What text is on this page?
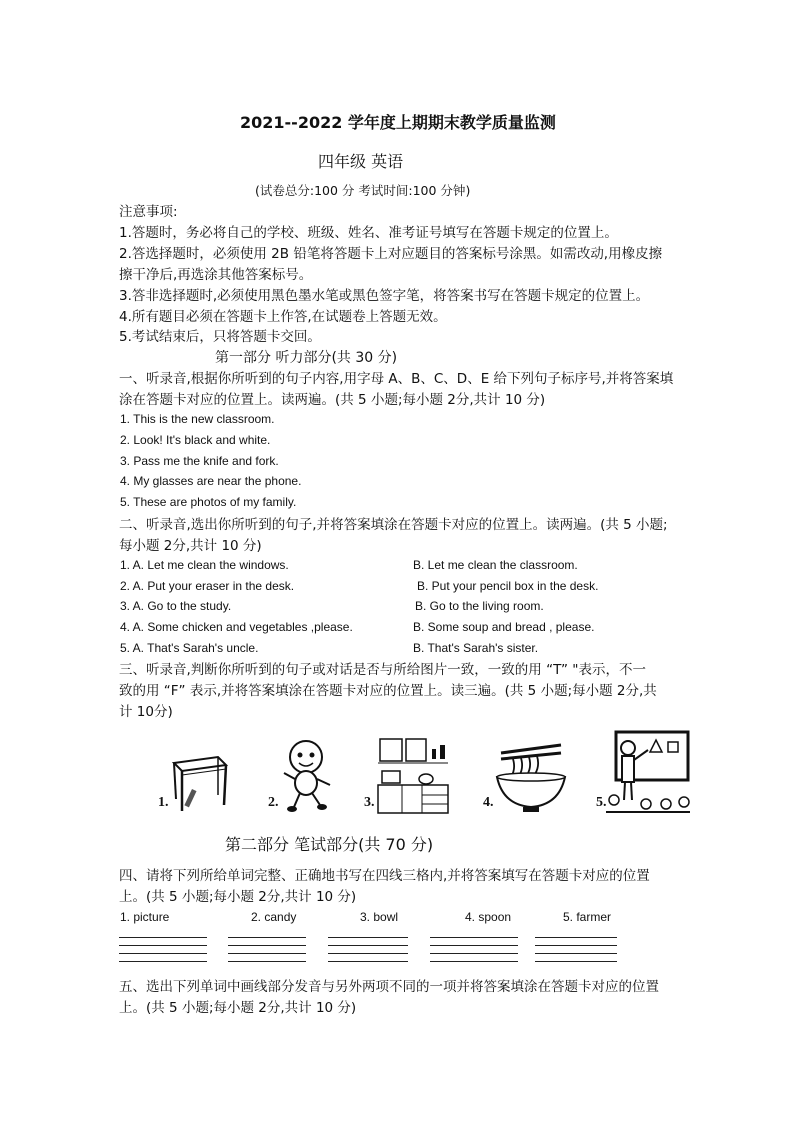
2021--2022 学年度上期期末教学质量监测
四年级 英语
(试卷总分:100 分 考试时间:100 分钟)
注意事项:
1.答题时，务必将自己的学校、班级、姓名、准考证号填写在答题卡规定的位置上。
2.答选择题时，必须使用 2B 铅笔将答题卡上对应题目的答案标号涂黑。如需改动,用橡皮擦
擦干净后,再选涂其他答案标号。
3.答非选择题时,必须使用黑色墨水笔或黑色签字笔，将答案书写在答题卡规定的位置上。
4.所有题目必须在答题卡上作答,在试题卷上答题无效。
5.考试结束后，只将答题卡交回。
第一部分 听力部分(共 30 分)
一、听录音,根据你所听到的句子内容,用字母 A、B、C、D、E 给下列句子标序号,并将答案填
涂在答题卡对应的位置上。读两遍。(共 5 小题;每小题 2分,共计 10 分)
1. This is the new classroom.
2. Look! It's black and white.
3. Pass me the knife and fork.
4. My glasses are near the phone.
5. These are photos of my family.
二、听录音,选出你所听到的句子,并将答案填涂在答题卡对应的位置上。读两遍。(共 5 小题;
每小题 2分,共计 10 分)
1. A. Let me clean the windows.	B. Let me clean the classroom.
2. A. Put your eraser in the desk.	B. Put your pencil box in the desk.
3. A. Go to the study.	B. Go to the living room.
4. A. Some chicken and vegetables ,please.	B. Some soup and bread , please.
5. A. That's Sarah's uncle.	B. That's Sarah's sister.
三、听录音,判断你所听到的句子或对话是否与所给图片一致，一致的用 “T” "表示，不一
致的用 “F” 表示,并将答案填涂在答题卡对应的位置上。读三遍。(共 5 小题;每小题 2分,共
计 10分)
1.	2.	3.	4.	5.
第二部分 笔试部分(共 70 分)
四、请将下列所给单词完整、正确地书写在四线三格内,并将答案填写在答题卡对应的位置
上。(共 5 小题;每小题 2分,共计 10 分)
1. picture	2. candy	3. bowl	4. spoon	5. farmer
五、选出下列单词中画线部分发音与另外两项不同的一项并将答案填涂在答题卡对应的位置
上。(共 5 小题;每小题 2分,共计 10 分)
